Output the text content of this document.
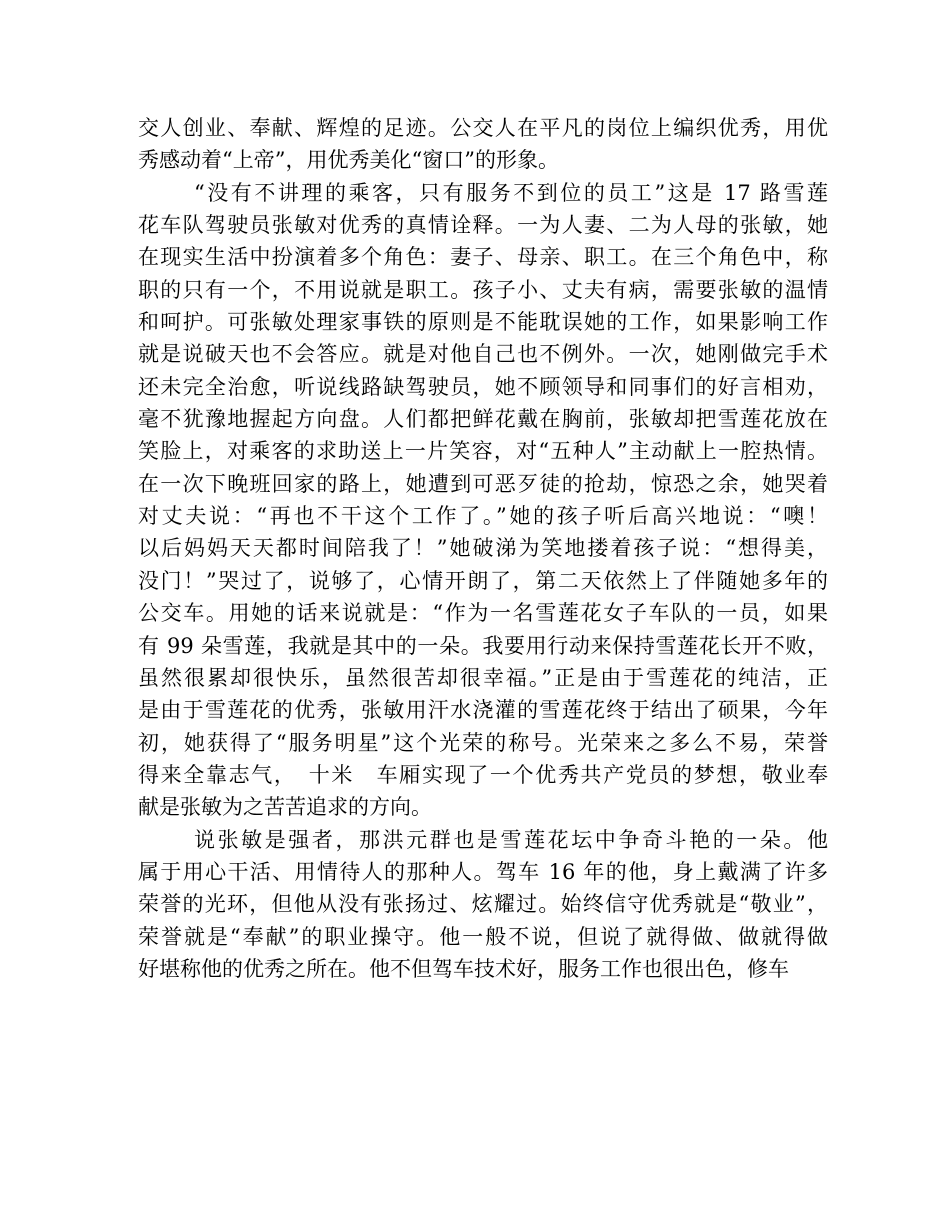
交人创业、奉献、辉煌的足迹。公交人在平凡的岗位上编织优秀，用优
秀感动着“上帝”，用优秀美化“窗口”的形象。
“没有不讲理的乘客，只有服务不到位的员工”这是 17 路雪莲
花车队驾驶员张敏对优秀的真情诠释。一为人妻、二为人母的张敏，她
在现实生活中扮演着多个角色：妻子、母亲、职工。在三个角色中，称
职的只有一个，不用说就是职工。孩子小、丈夫有病，需要张敏的温情
和呵护。可张敏处理家事铁的原则是不能耽误她的工作，如果影响工作
就是说破天也不会答应。就是对他自己也不例外。一次，她刚做完手术
还未完全治愈，听说线路缺驾驶员，她不顾领导和同事们的好言相劝，
毫不犹豫地握起方向盘。人们都把鲜花戴在胸前，张敏却把雪莲花放在
笑脸上，对乘客的求助送上一片笑容，对“五种人”主动献上一腔热情。
在一次下晚班回家的路上，她遭到可恶歹徒的抢劫，惊恐之余，她哭着
对丈夫说：“再也不干这个工作了。”她的孩子听后高兴地说：“噢！
以后妈妈天天都时间陪我了！”她破涕为笑地搂着孩子说：“想得美，
没门！”哭过了，说够了，心情开朗了，第二天依然上了伴随她多年的
公交车。用她的话来说就是：“作为一名雪莲花女子车队的一员，如果
有 99 朵雪莲，我就是其中的一朵。我要用行动来保持雪莲花长开不败，
虽然很累却很快乐，虽然很苦却很幸福。”正是由于雪莲花的纯洁，正
是由于雪莲花的优秀，张敏用汗水浇灌的雪莲花终于结出了硕果，今年
初，她获得了“服务明星”这个光荣的称号。光荣来之多么不易，荣誉
得来全靠志气，　十米　车厢实现了一个优秀共产党员的梦想，敬业奉
献是张敏为之苦苦追求的方向。
说张敏是强者，那洪元群也是雪莲花坛中争奇斗艳的一朵。他
属于用心干活、用情待人的那种人。驾车 16 年的他，身上戴满了许多
荣誉的光环，但他从没有张扬过、炫耀过。始终信守优秀就是“敬业”，
荣誉就是“奉献”的职业操守。他一般不说，但说了就得做、做就得做
好堪称他的优秀之所在。他不但驾车技术好，服务工作也很出色，修车
